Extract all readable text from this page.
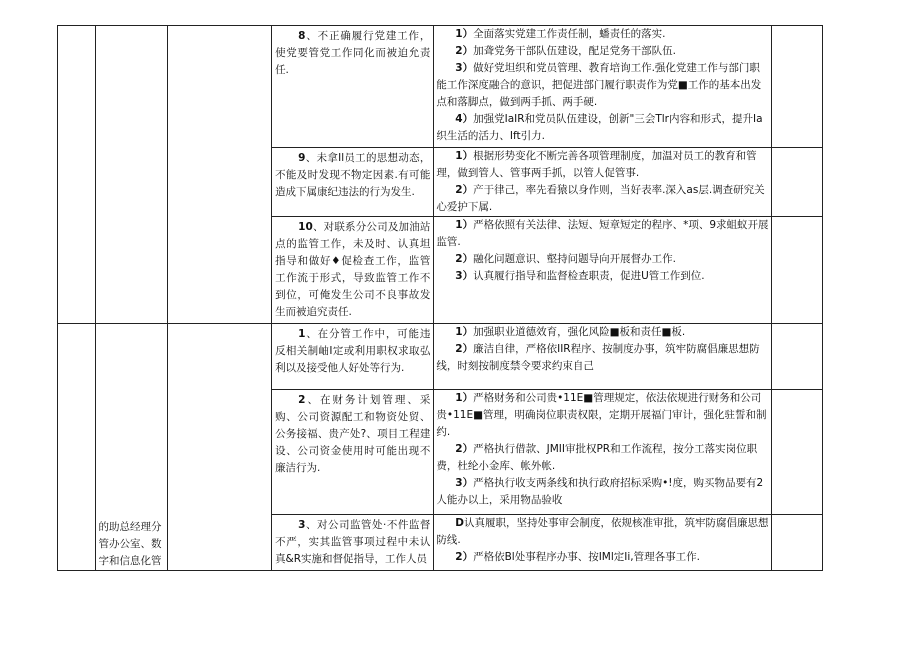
			8、不正确履行党建工作，使党要管党工作同化而被迫允责任.	1）全面落实党建工作责任制，蟠责任的落实.

2）加聋党务干部队伍建设，配足党务干部队伍.

3）做好党坦织和党员管理、教育培询工作.强化党建工作与部门职能工作深度融合的意识，把促进部门履行职责作为党■工作的基本出发点和落脚点，做到两手抓、两手硬.

4）加强党IaIR和党员队伍建设，创新"三会Tlr内容和形式，提升Ia织生活的活力、Ift引力.	

			9、未拿Il员工的思想动态，不能及时发现不物定因素.有可能造成下属康纪违法的行为发生.	1）根据形势变化不断完善各项管理制度，加温对员工的教育和管理，做到管人、管事两手抓，以管人促管事.

2）产于律己，率先看猿以身作则，当好表率.深入as层.调查研究关心爱护下属.	

			10、对联系分公司及加油站点的监管工作，未及时、认真坦指导和做好♦促检查工作，监管工作流于形式，导致监管工作不到位，可俺发生公司不良事故发生而被追究责任.	1）严格依照有关法律、法短、短章短定的程序、*项、9求蛆蚁开展监管.

2）融化问题意识、壑持问题导向开展督办工作.

3）认真履行指导和监督检查职责，促进U管工作到位.	

	的助总经理分管办公室、数字和信息化管		1、在分管工作中，可能违反相关制岫I定或利用职权求取弘利以及接受他人好处等行为.	1）加强职业道德效育，强化风险■板和责任■板.

2）廉洁自律，严格依IIR程序、按制度办事，筑牢防腐倡廉思想防线，时刻按制度禁令要求约束自己	

			2、在财务计划管理、采购、公司资源配工和物资处贸、公务接福、贵产处?、项目工程建设、公司资金使用时可能出现不廉洁行为.	1）严格财务和公司贵•11E■管理规定，依法依规进行财务和公司贵•11E■管理，明确岗位职责权限，定期开展福门审计，强化驻誓和制约.

2）严格执行借款、JMII审批权PR和工作流程，按分工落实岗位职费，杜纶小金库、帐外帐.

3）严格执行收支两条线和执行政府招标采购•!度，购买物品要有2人能办以上，采用物品验收	

			3、对公司监管处·不件监督不严，实其监管事项过程中未认真&R实施和督促指导，工作人员	D认真履职，坚持处事审会制度，依规核准审批，筑牢防腐倡廉思想防线.

2）严格依Bl处事程序办事、按IMl定Ii,管理各事工作.	
